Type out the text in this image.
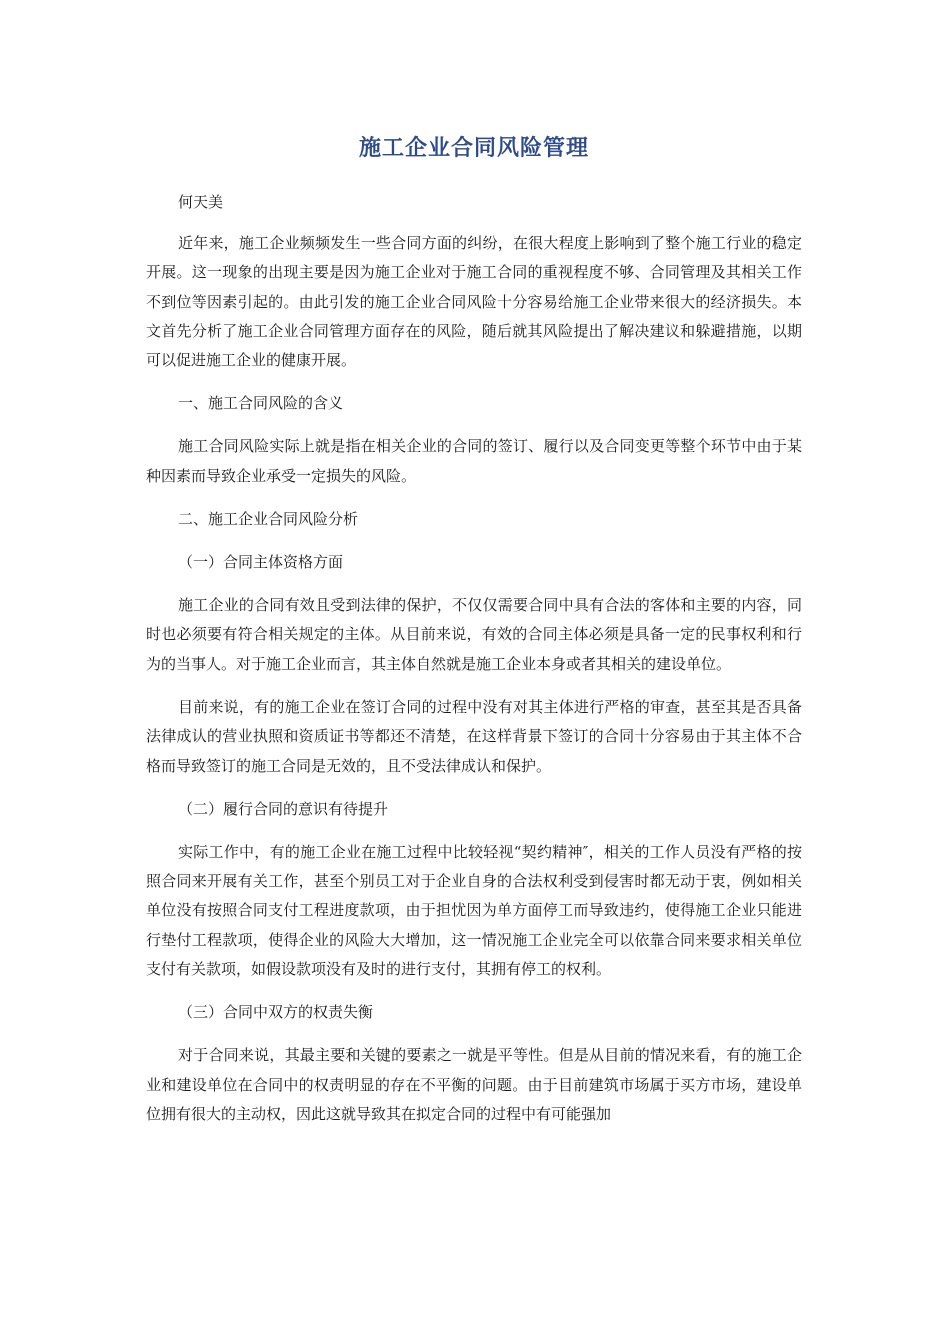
施工企业合同风险管理

何天美

近年来，施工企业频频发生一些合同方面的纠纷，在很大程度上影响到了整个施工行业的稳定开展。这一现象的出现主要是因为施工企业对于施工合同的重视程度不够、合同管理及其相关工作不到位等因素引起的。由此引发的施工企业合同风险十分容易给施工企业带来很大的经济损失。本文首先分析了施工企业合同管理方面存在的风险，随后就其风险提出了解决建议和躲避措施，以期可以促进施工企业的健康开展。

一、施工合同风险的含义

施工合同风险实际上就是指在相关企业的合同的签订、履行以及合同变更等整个环节中由于某种因素而导致企业承受一定损失的风险。

二、施工企业合同风险分析

（一）合同主体资格方面

施工企业的合同有效且受到法律的保护，不仅仅需要合同中具有合法的客体和主要的内容，同时也必须要有符合相关规定的主体。从目前来说，有效的合同主体必须是具备一定的民事权利和行为的当事人。对于施工企业而言，其主体自然就是施工企业本身或者其相关的建设单位。

目前来说，有的施工企业在签订合同的过程中没有对其主体进行严格的审查，甚至其是否具备法律成认的营业执照和资质证书等都还不清楚，在这样背景下签订的合同十分容易由于其主体不合格而导致签订的施工合同是无效的，且不受法律成认和保护。

（二）履行合同的意识有待提升

实际工作中，有的施工企业在施工过程中比较轻视“契约精神″，相关的工作人员没有严格的按照合同来开展有关工作，甚至个别员工对于企业自身的合法权利受到侵害时都无动于衷，例如相关单位没有按照合同支付工程进度款项，由于担忧因为单方面停工而导致违约，使得施工企业只能进行垫付工程款项，使得企业的风险大大增加，这一情况施工企业完全可以依靠合同来要求相关单位支付有关款项，如假设款项没有及时的进行支付，其拥有停工的权利。

（三）合同中双方的权责失衡

对于合同来说，其最主要和关键的要素之一就是平等性。但是从目前的情况来看，有的施工企业和建设单位在合同中的权责明显的存在不平衡的问题。由于目前建筑市场属于买方市场，建设单位拥有很大的主动权，因此这就导致其在拟定合同的过程中有可能强加
